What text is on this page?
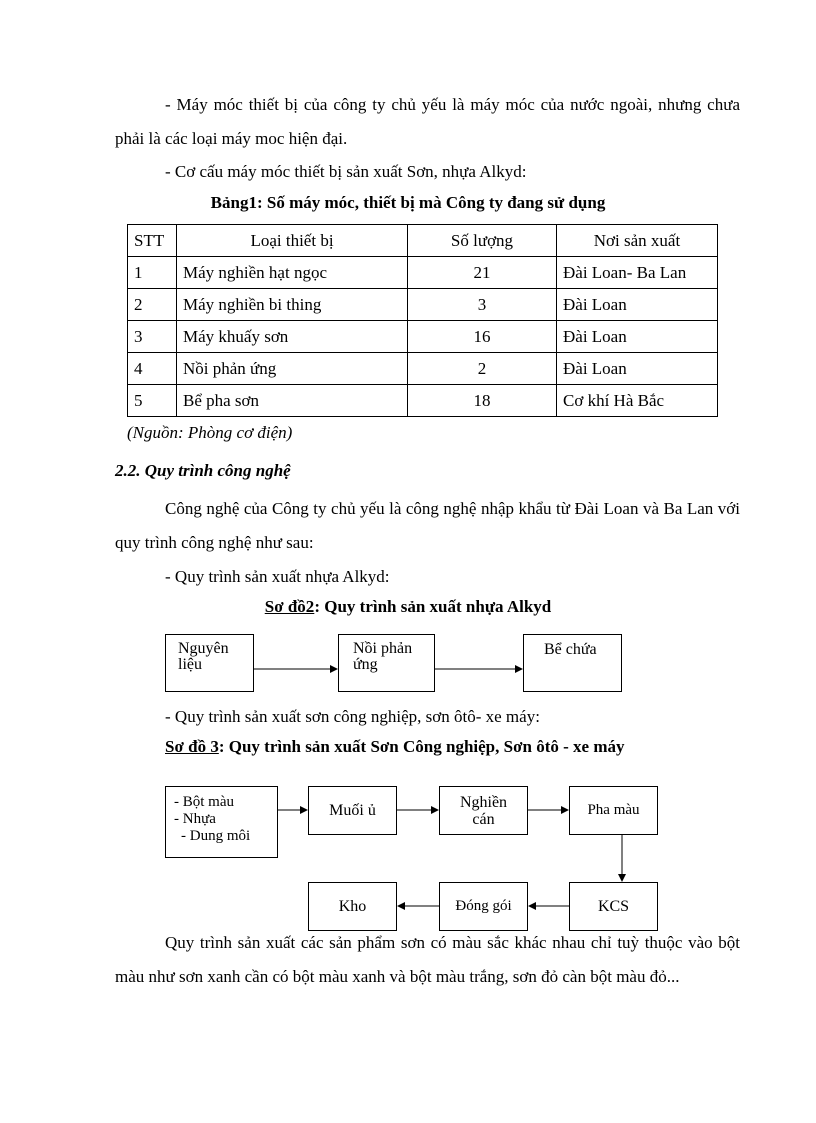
- Máy móc thiết bị của công ty chủ yếu là máy móc của nước ngoài, nhưng chưa phải là các loại máy moc hiện đại.
- Cơ cấu máy móc thiết bị sản xuất Sơn, nhựa Alkyd:
Bảng1: Số máy móc, thiết bị mà Công ty đang sử dụng
STT	Loại thiết bị	Số lượng	Nơi sản xuất
1	Máy nghiền hạt ngọc	21	Đài Loan- Ba Lan
2	Máy nghiền bi thing	3	Đài Loan
3	Máy khuấy sơn	16	Đài Loan
4	Nồi phản ứng	2	Đài Loan
5	Bể pha sơn	18	Cơ khí Hà Bắc
(Nguồn: Phòng cơ điện)
2.2. Quy trình công nghệ
Công nghệ của Công ty chủ yếu là công nghệ nhập khẩu từ Đài Loan và Ba Lan với quy trình công nghệ như sau:
- Quy trình sản xuất nhựa Alkyd:
Sơ đồ2: Quy trình sản xuất nhựa Alkyd
Nguyên liệu
Nồi phản ứng
Bể chứa
- Quy trình sản xuất sơn công nghiệp, sơn ôtô- xe máy:
Sơ đồ 3: Quy trình sản xuất Sơn Công nghiệp, Sơn ôtô - xe máy
- Bột màu
- Nhựa
- Dung môi
Muối ủ	Nghiền cán
Pha màu
KCS
Đóng gói
Kho
Quy trình sản xuất các sản phẩm sơn có màu sắc khác nhau chỉ tuỳ thuộc vào bột màu như sơn xanh cần có bột màu xanh và bột màu trắng, sơn đỏ càn bột màu đỏ...
